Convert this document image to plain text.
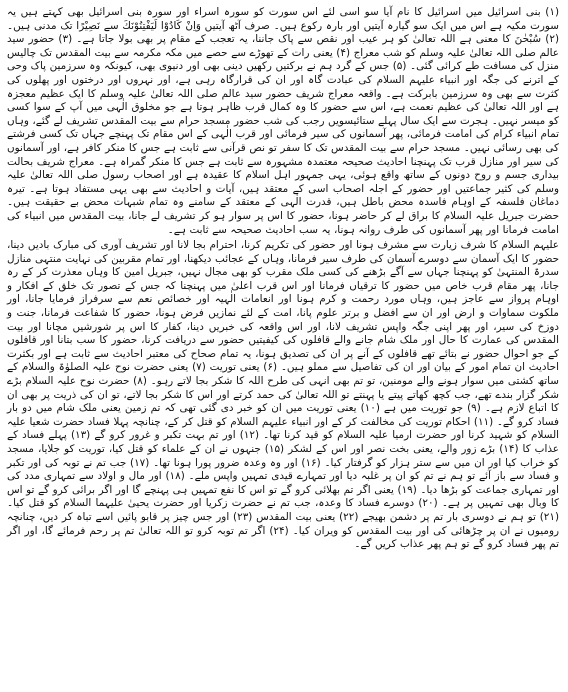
(۱) بنی اسرائیل میں اسرائیل کا نام آیا سو اسی لئے اس سورت کو سورہ اسراء اور سورہ بنی اسرائیل بھی کہتے ہیں یہ سورت مکیہ ہے اس میں ایک سو گیارہ آیتیں اور بارہ رکوع ہیں۔ صرف آٹھ آیتیں وَاِنْ كَادُوْا لَيَفْتِنُوْنَكَ سے نَصِيْرًا تک مدنی ہیں۔ (۲) سُبْحٰنَ کا معنی ہے اللہ تعالیٰ کو ہر عیب اور نقص سے پاک جاننا، یہ تعجب کے مقام پر بھی بولا جاتا ہے۔ (۳) حضور سید عالم صلی اللہ تعالیٰ علیہ وسلم کو شب معراج (۴) یعنی رات کے تھوڑے سے حصے میں مکہ مکرمہ سے بیت المقدس تک چالیس منزل کی مسافت طے کرائی گئی۔ (۵) جس کے گرد ہم نے برکتیں رکھیں دینی بھی اور دنیوی بھی، کیونکہ وہ سرزمین پاک وحی کے اترنے کی جگہ اور انبیاء علیہم السلام کی عبادت گاہ اور ان کی قرارگاہ رہی ہے، اور نہروں اور درختوں اور پھلوں کی کثرت سے بھی وہ سرزمین بابرکت ہے۔ واقعہ معراج شریف حضور سید عالم صلی اللہ تعالیٰ علیہ وسلم کا ایک عظیم معجزہ ہے اور اللہ تعالیٰ کی عظیم نعمت ہے، اس سے حضور کا وہ کمال قرب ظاہر ہوتا ہے جو مخلوق الٰہی میں آپ کے سوا کسی کو میسر نہیں۔ ہجرت سے ایک سال پہلے ستائیسویں رجب کی شب حضور مسجد حرام سے بیت المقدس تشریف لے گئے، وہاں تمام انبیاء کرام کی امامت فرمائی، پھر آسمانوں کی سیر فرمائی اور قرب الٰہی کے اس مقام تک پہنچے جہاں تک کسی فرشتے کی بھی رسائی نہیں۔ مسجد حرام سے بیت المقدس تک کا سفر تو نص قرآنی سے ثابت ہے جس کا منکر کافر ہے، اور آسمانوں کی سیر اور منازل قرب تک پہنچنا احادیث صحیحہ معتمدہ مشہورہ سے ثابت ہے جس کا منکر گمراہ ہے۔ معراج شریف بحالت بیداری جسم و روح دونوں کے ساتھ واقع ہوئی، یہی جمہور اہل اسلام کا عقیدہ ہے اور اصحاب رسول صلی اللہ تعالیٰ علیہ وسلم کی کثیر جماعتیں اور حضور کے اجلہ اصحاب اسی کے معتقد ہیں، آیات و احادیث سے بھی یہی مستفاد ہوتا ہے۔ تیرہ دماغان فلسفہ کے اوہام فاسدہ محض باطل ہیں، قدرت الٰہی کے معتقد کے سامنے وہ تمام شبہات محض بے حقیقت ہیں۔ حضرت جبریل علیہ السلام کا براق لے کر حاضر ہونا، حضور کا اس پر سوار ہو کر تشریف لے جانا، بیت المقدس میں انبیاء کی امامت فرمانا اور پھر آسمانوں کی طرف روانہ ہونا، یہ سب احادیث صحیحہ سے ثابت ہے۔

علیہم السلام کا شرف زیارت سے مشرف ہونا اور حضور کی تکریم کرنا، احترام بجا لانا اور تشریف آوری کی مبارک بادیں دینا، حضور کا ایک آسمان سے دوسرے آسمان کی طرف سیر فرمانا، وہاں کے عجائب دیکھنا، اور تمام مقربین کی نہایت منتہی منازل سدرۃ المنتہیٰ کو پہنچنا جہاں سے آگے بڑھنے کی کسی ملک مقرب کو بھی مجال نہیں، جبریل امین کا وہاں معذرت کر کے رہ جانا، پھر مقام قرب خاص میں حضور کا ترقیاں فرمانا اور اس قرب اعلیٰ میں پہنچنا کہ جس کے تصور تک خلق کے افکار و اوہام پرواز سے عاجز ہیں، وہاں مورد رحمت و کرم ہونا اور انعامات الٰہیہ اور خصائص نعم سے سرفراز فرمایا جانا، اور ملکوت سماوات و ارض اور ان سے افضل و برتر علوم پانا، امت کے لئے نمازیں فرض ہونا، حضور کا شفاعت فرمانا، جنت و دوزخ کی سیر، اور پھر اپنی جگہ واپس تشریف لانا، اور اس واقعہ کی خبریں دینا، کفار کا اس پر شورشیں مچانا اور بیت المقدس کی عمارت کا حال اور ملک شام جانے والے قافلوں کی کیفیتیں حضور سے دریافت کرنا، حضور کا سب بتانا اور قافلوں کے جو احوال حضور نے بتائے تھے قافلوں کے آنے پر ان کی تصدیق ہونا، یہ تمام صحاح کی معتبر احادیث سے ثابت ہے اور بکثرت احادیث ان تمام امور کے بیان اور ان کی تفاصیل سے مملو ہیں۔ (۶) یعنی توریت (۷) یعنی حضرت نوح علیہ الصلوٰۃ والسلام کے ساتھ کشتی میں سوار ہونے والے مومنین، تو تم بھی انہی کی طرح اللہ کا شکر بجا لاتے رہو۔ (۸) حضرت نوح علیہ السلام بڑے شکر گزار بندے تھے، جب کچھ کھاتے پیتے یا پہنتے تو اللہ تعالیٰ کی حمد کرتے اور اس کا شکر بجا لاتے، تو ان کی ذریت پر بھی ان کا اتباع لازم ہے۔ (۹) جو توریت میں ہے (۱۰) یعنی توریت میں ان کو خبر دی گئی تھی کہ تم زمین یعنی ملک شام میں دو بار فساد کرو گے۔ (۱۱) احکام توریت کی مخالفت کر کے اور انبیاء علیہم السلام کو قتل کر کے، چنانچہ پہلا فساد حضرت شعیا علیہ السلام کو شہید کرنا اور حضرت ارمیا علیہ السلام کو قید کرنا تھا۔ (۱۲) اور تم بہت تکبر و غرور کرو گے (۱۳) پہلے فساد کے عذاب کا (۱۴) بڑے زور والے، یعنی بخت نصر اور اس کے لشکر (۱۵) جنہوں نے ان کے علماء کو قتل کیا، توریت کو جلایا، مسجد کو خراب کیا اور ان میں سے ستر ہزار کو گرفتار کیا۔ (۱۶) اور وہ وعدہ ضرور پورا ہونا تھا۔ (۱۷) جب تم نے توبہ کی اور تکبر و فساد سے باز آئے تو ہم نے تم کو ان پر غلبہ دیا اور تمہارے قیدی تمہیں واپس ملے۔ (۱۸) اور مال و اولاد سے تمہاری مدد کی اور تمہاری جماعت کو بڑھا دیا۔ (۱۹) یعنی اگر تم بھلائی کرو گے تو اس کا نفع تمہیں ہی پہنچے گا اور اگر برائی کرو گے تو اس کا وبال بھی تمہیں پر ہے۔ (۲۰) دوسرے فساد کا وعدہ، جب تم نے حضرت زکریا اور حضرت یحییٰ علیہما السلام کو قتل کیا۔ (۲۱) تو ہم نے دوسری بار تم پر دشمن بھیجے (۲۲) یعنی بیت المقدس (۲۳) اور جس چیز پر قابو پائیں اسے تباہ کر دیں، چنانچہ رومیوں نے ان پر چڑھائی کی اور بیت المقدس کو ویران کیا۔ (۲۴) اگر تم توبہ کرو تو اللہ تعالیٰ تم پر رحم فرمائے گا، اور اگر تم پھر فساد کرو گے تو ہم پھر عذاب کریں گے۔
